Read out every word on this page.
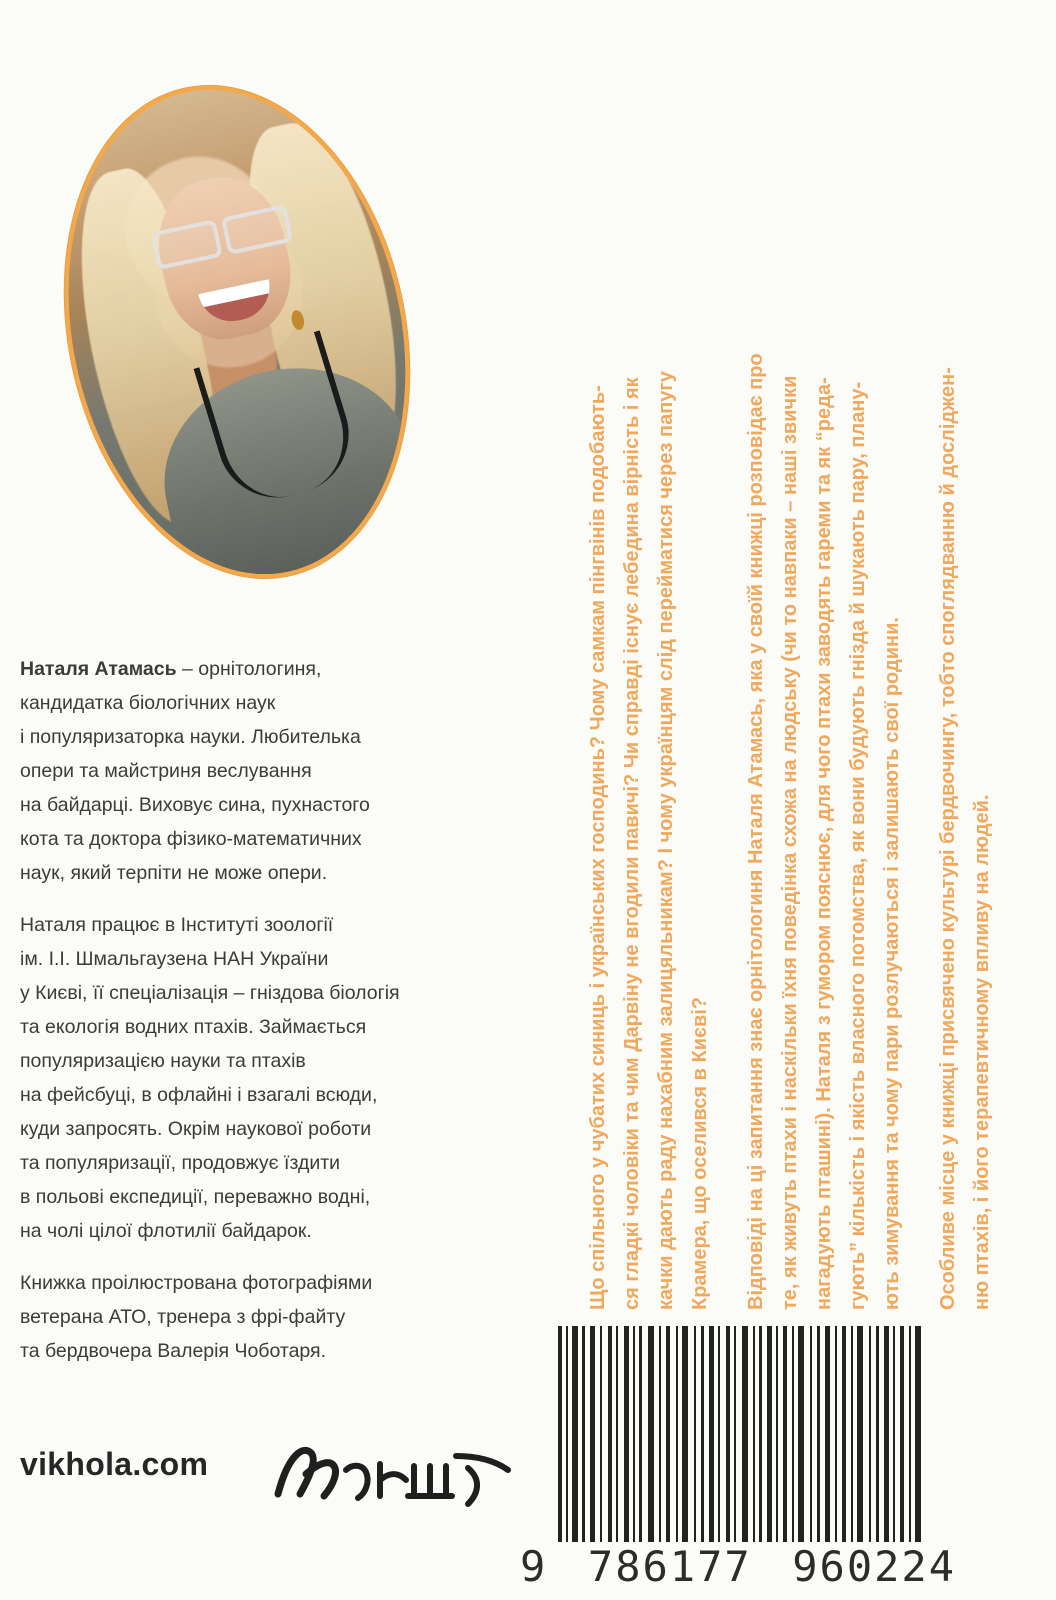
Наталя Атамась – орнітологиня,
кандидатка біологічних наук
і популяризаторка науки. Любителька
опери та майстриня веслування
на байдарці. Виховує сина, пухнастого
кота та доктора фізико-математичних
наук, який терпіти не може опери.

Наталя працює в Інституті зоології
ім. І.І. Шмальгаузена НАН України
у Києві, її спеціалізація – гніздова біологія
та екологія водних птахів. Займається
популяризацією науки та птахів
на фейсбуці, в офлайні і взагалі всюди,
куди запросять. Окрім наукової роботи
та популяризації, продовжує їздити
в польові експедиції, переважно водні,
на чолі цілої флотилії байдарок.

Книжка проілюстрована фотографіями
ветерана АТО, тренера з фрі-файту
та бердвочера Валерія Чоботаря.

Що спільного у чубатих синиць і українських господинь? Чому самкам пінгвінів подобають-
ся гладкі чоловіки та чим Дарвіну не вгодили павичі? Чи справді існує лебедина вірність і як
качки дають раду нахабним залицяльникам? І чому українцям слід перейматися через папугу
Крамера, що оселився в Києві?

Відповіді на ці запитання знає орнітологиня Наталя Атамась, яка у своїй книжці розповідає про
те, як живуть птахи і наскільки їхня поведінка схожа на людську (чи то навпаки – наші звички
нагадують пташині). Наталя з гумором пояснює, для чого птахи заводять гареми та як “реда-
гують” кількість і якість власного потомства, як вони будують гнізда й шукають пару, плану-
ють зимування та чому пари розлучаються і залишають свої родини.

Особливе місце у книжці присвячено культурі бердвочингу, тобто споглядванню й досліджен-
ню птахів, і його терапевтичному впливу на людей.

vikhola.com
9 786177 960224
